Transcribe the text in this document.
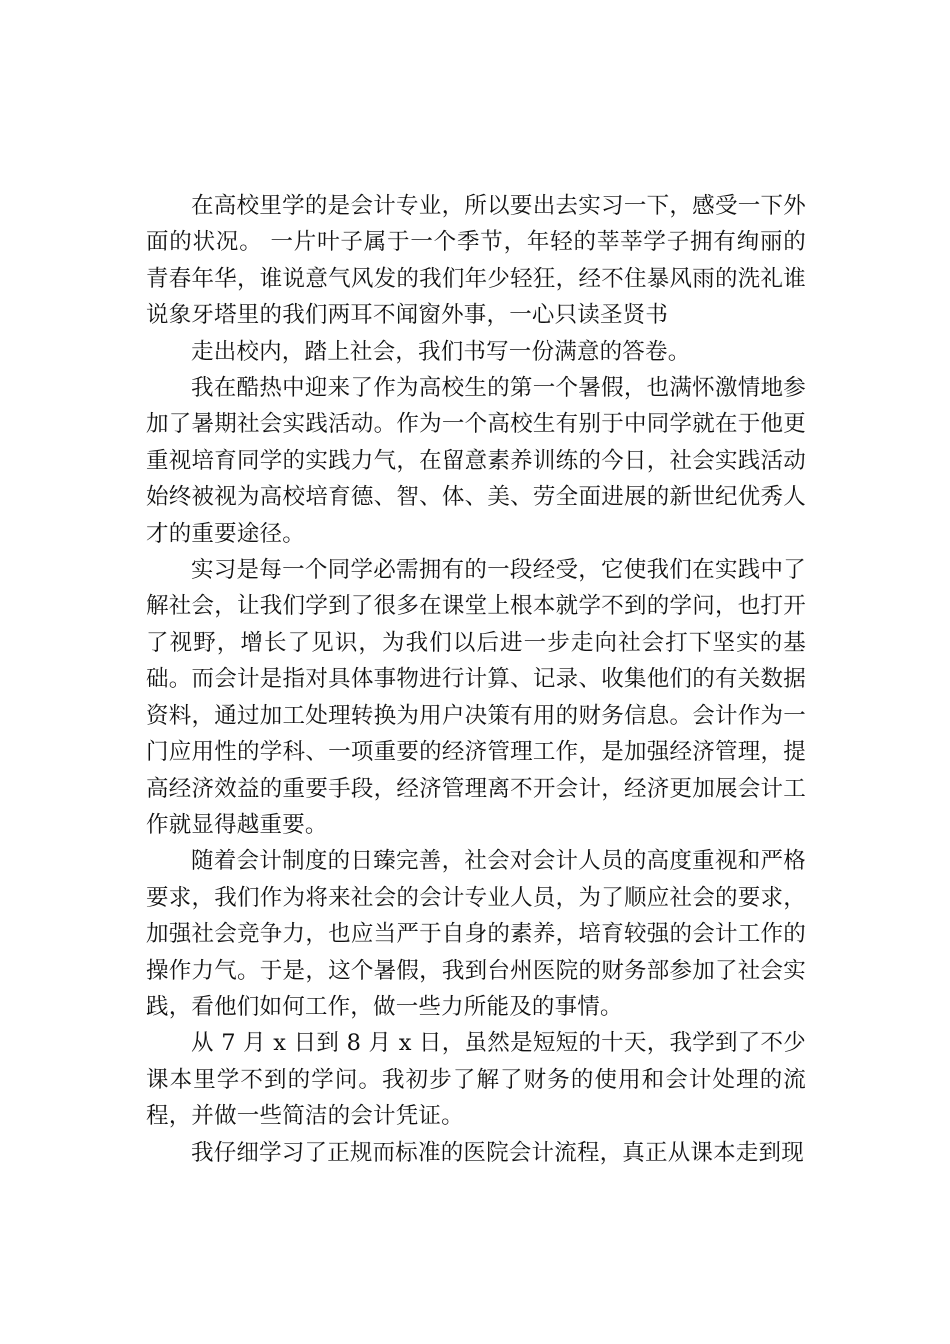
在高校里学的是会计专业，所以要出去实习一下，感受一下外面的状况。 一片叶子属于一个季节，年轻的莘莘学子拥有绚丽的青春年华，谁说意气风发的我们年少轻狂，经不住暴风雨的洗礼谁说象牙塔里的我们两耳不闻窗外事，一心只读圣贤书

走出校内，踏上社会，我们书写一份满意的答卷。

我在酷热中迎来了作为高校生的第一个暑假，也满怀激情地参加了暑期社会实践活动。作为一个高校生有别于中同学就在于他更重视培育同学的实践力气，在留意素养训练的今日，社会实践活动始终被视为高校培育德、智、体、美、劳全面进展的新世纪优秀人才的重要途径。

实习是每一个同学必需拥有的一段经受，它使我们在实践中了解社会，让我们学到了很多在课堂上根本就学不到的学问，也打开了视野，增长了见识，为我们以后进一步走向社会打下坚实的基础。而会计是指对具体事物进行计算、记录、收集他们的有关数据资料，通过加工处理转换为用户决策有用的财务信息。会计作为一门应用性的学科、一项重要的经济管理工作，是加强经济管理，提高经济效益的重要手段，经济管理离不开会计，经济更加展会计工作就显得越重要。

随着会计制度的日臻完善，社会对会计人员的高度重视和严格要求，我们作为将来社会的会计专业人员，为了顺应社会的要求，加强社会竞争力，也应当严于自身的素养，培育较强的会计工作的操作力气。于是，这个暑假，我到台州医院的财务部参加了社会实践，看他们如何工作，做一些力所能及的事情。

从 7 月 x 日到 8 月 x 日，虽然是短短的十天，我学到了不少课本里学不到的学问。我初步了解了财务的使用和会计处理的流程，并做一些简洁的会计凭证。

我仔细学习了正规而标准的医院会计流程，真正从课本走到现
